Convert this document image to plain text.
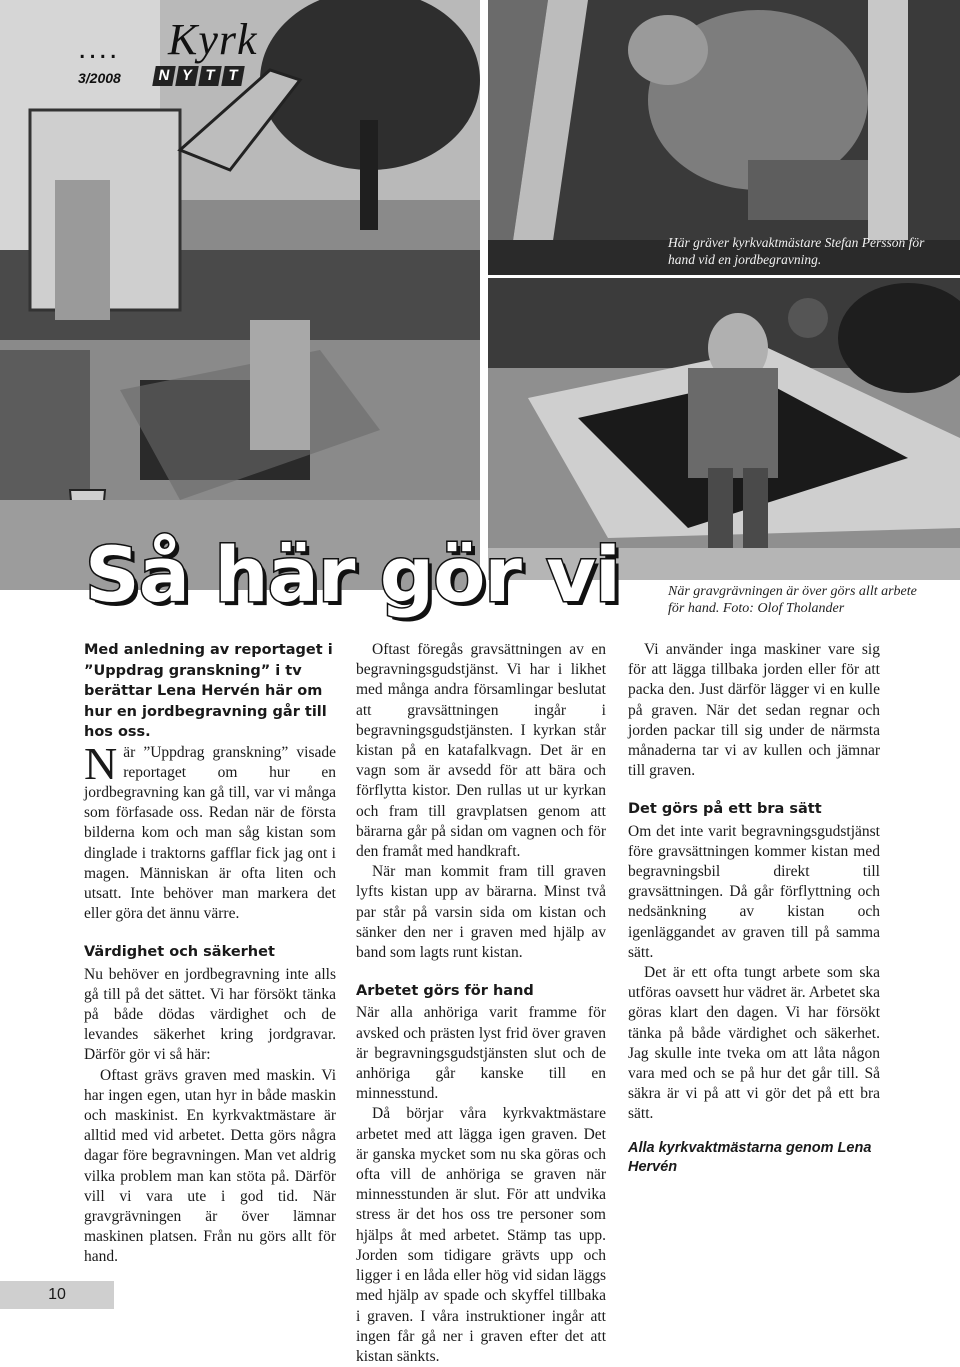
.... Kyrk
3/2008	N Y T T
Här gräver kyrkvaktmästare Stefan Persson för hand vid en jordbegravning.
När gravgrävningen är över görs allt arbete för hand. Foto: Olof Tholander
Så här gör vi

Med anledning av reportaget i ”Uppdrag granskning” i tv berättar Lena Hervén här om hur en jordbegravning går till hos oss.

När ”Uppdrag granskning” visade reportaget om hur en jordbegravning kan gå till, var vi många som förfasade oss. Redan när de första bilderna kom och man såg kistan som dinglade i traktorns gafflar fick jag ont i magen. Människan är ofta liten och utsatt. Inte behöver man markera det eller göra det ännu värre.

Värdighet och säkerhet

Nu behöver en jordbegravning inte alls gå till på det sättet. Vi har försökt tänka på både dödas värdighet och de levandes säkerhet kring jordgravar. Därför gör vi så här:

Oftast grävs graven med maskin. Vi har ingen egen, utan hyr in både maskin och maskinist. En kyrkvaktmästare är alltid med vid arbetet. Detta görs några dagar före begravningen. Man vet aldrig vilka problem man kan stöta på. Därför vill vi vara ute i god tid. När gravgrävningen är över lämnar maskinen platsen. Från nu görs allt för hand.

Oftast föregås gravsättningen av en begravningsgudstjänst. Vi har i likhet med många andra församlingar beslutat att gravsättningen ingår i begravningsgudstjänsten. I kyrkan står kistan på en katafalkvagn. Det är en vagn som är avsedd för att bära och förflytta kistor. Den rullas ut ur kyrkan och fram till gravplatsen genom att bärarna går på sidan om vagnen och för den framåt med handkraft.

När man kommit fram till graven lyfts kistan upp av bärarna. Minst två par står på varsin sida om kistan och sänker den ner i graven med hjälp av band som lagts runt kistan.

Arbetet görs för hand

När alla anhöriga varit framme för avsked och prästen lyst frid över graven är begravningsgudstjänsten slut och de anhöriga går kanske till en minnesstund.

Då börjar våra kyrkvaktmästare arbetet med att lägga igen graven. Det är ganska mycket som nu ska göras och ofta vill de anhöriga se graven när minnesstunden är slut. För att undvika stress är det hos oss tre personer som hjälps åt med arbetet. Stämp tas upp. Jorden som tidigare grävts upp och ligger i en låda eller hög vid sidan läggs med hjälp av spade och skyffel tillbaka i graven. I våra instruktioner ingår att ingen får gå ner i graven efter det att kistan sänkts.

Vi använder inga maskiner vare sig för att lägga tillbaka jorden eller för att packa den. Just därför lägger vi en kulle på graven. När det sedan regnar och jorden packar till sig under de närmsta månaderna tar vi av kullen och jämnar till graven.

Det görs på ett bra sätt

Om det inte varit begravningsgudstjänst före gravsättningen kommer kistan med begravningsbil direkt till gravsättningen. Då går förflyttning och nedsänkning av kistan och igenläggandet av graven till på samma sätt.

Det är ett ofta tungt arbete som ska utföras oavsett hur vädret är. Arbetet ska göras klart den dagen. Vi har försökt tänka på både värdighet och säkerhet. Jag skulle inte tveka om att låta någon vara med och se på hur det går till. Så säkra är vi på att vi gör det på ett bra sätt.

Alla kyrkvaktmästarna genom Lena Hervén
10
